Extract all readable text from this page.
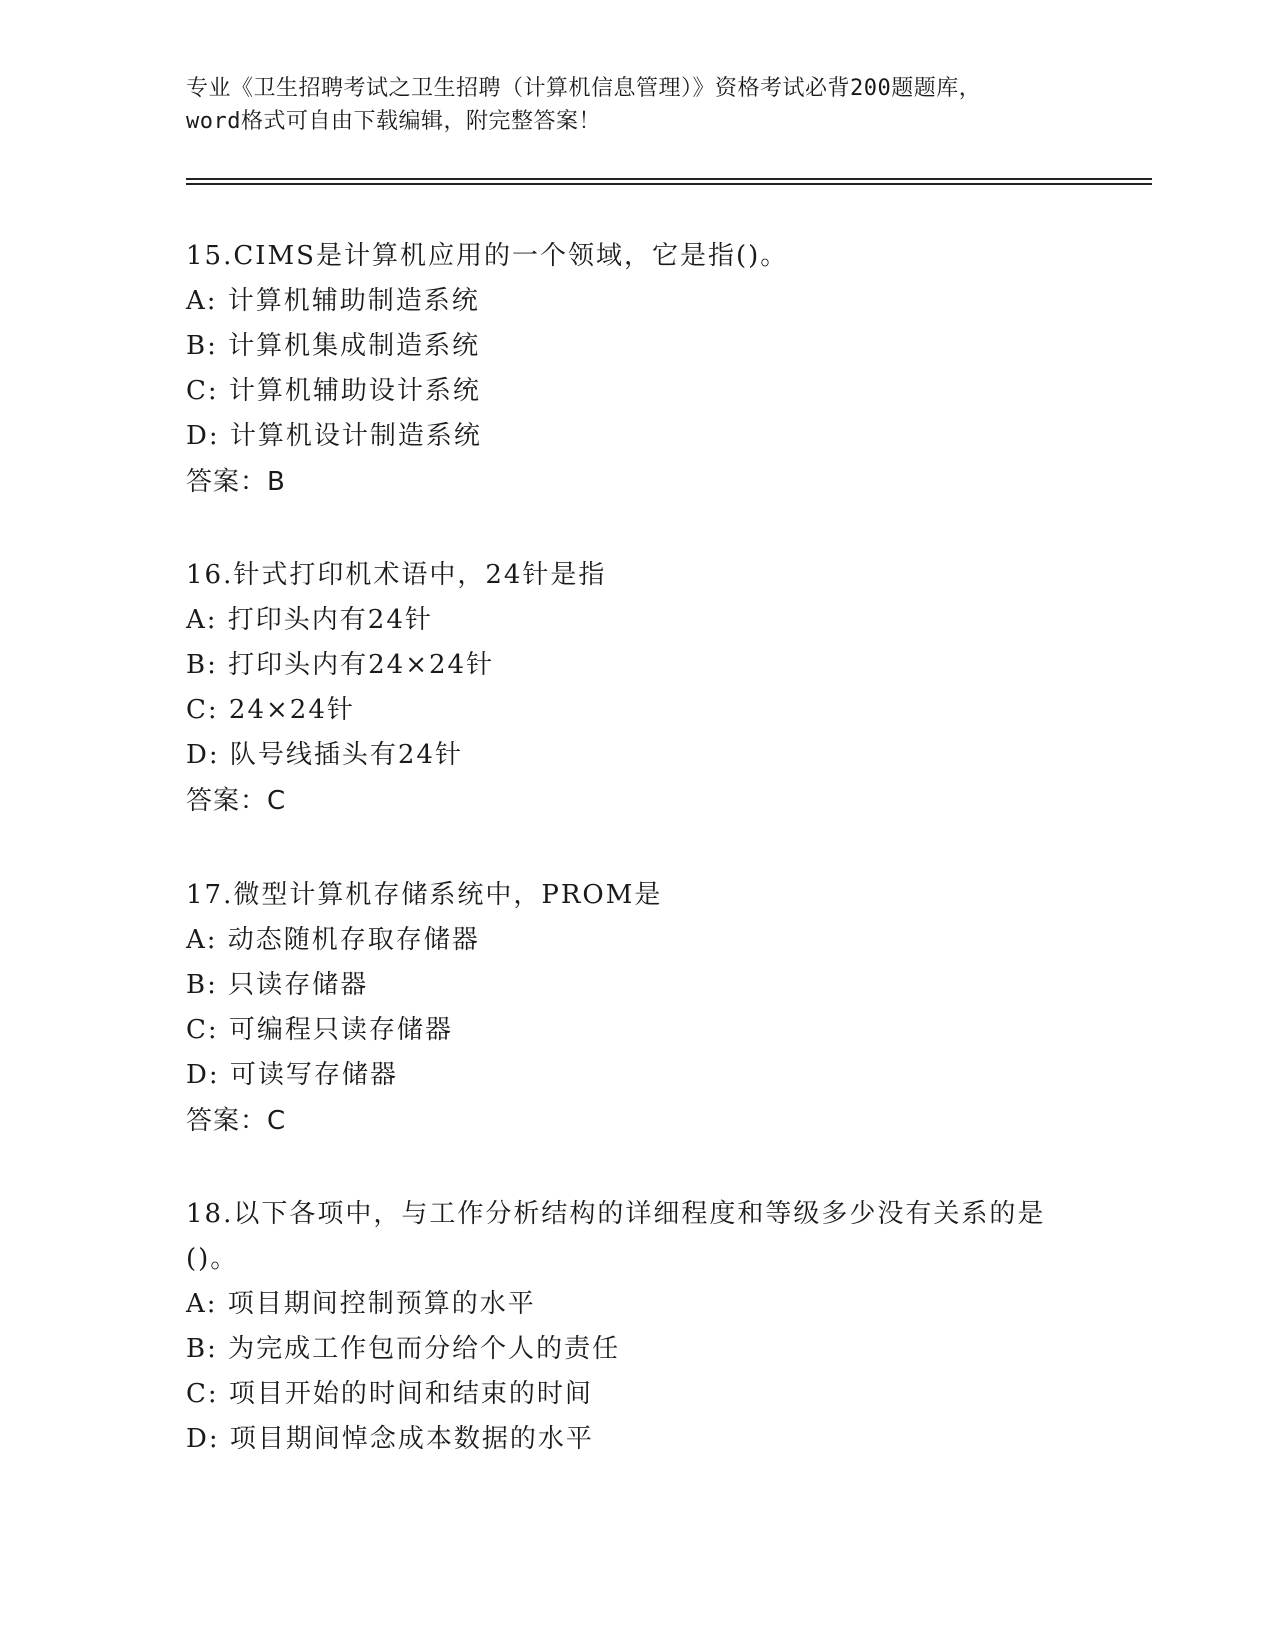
专业《卫生招聘考试之卫生招聘（计算机信息管理）》资格考试必背200题题库，
word格式可自由下载编辑，附完整答案！
15.CIMS是计算机应用的一个领域，它是指()。
A: 计算机辅助制造系统
B: 计算机集成制造系统
C: 计算机辅助设计系统
D: 计算机设计制造系统
答案：B
16.针式打印机术语中，24针是指
A: 打印头内有24针
B: 打印头内有24×24针
C: 24×24针
D: 队号线插头有24针
答案：C
17.微型计算机存储系统中，PROM是
A: 动态随机存取存储器
B: 只读存储器
C: 可编程只读存储器
D: 可读写存储器
答案：C
18.以下各项中，与工作分析结构的详细程度和等级多少没有关系的是()。
A: 项目期间控制预算的水平
B: 为完成工作包而分给个人的责任
C: 项目开始的时间和结束的时间
D: 项目期间悼念成本数据的水平
